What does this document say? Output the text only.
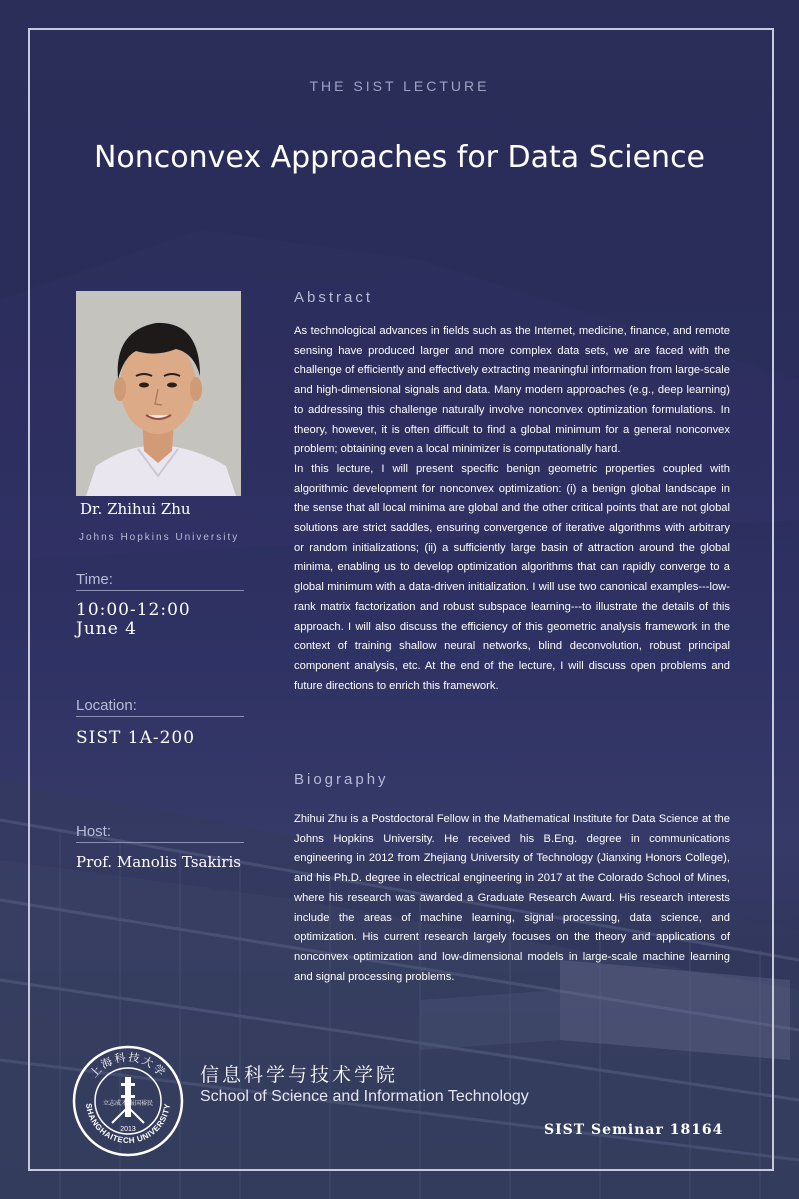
THE SIST LECTURE
Nonconvex Approaches for Data Science
Dr. Zhihui Zhu
Johns Hopkins University
Time:
10:00-12:00
June 4
Location:
SIST 1A-200
Host:
Prof. Manolis Tsakiris
Abstract

As technological advances in fields such as the Internet, medicine, finance, and remote sensing have produced larger and more complex data sets, we are faced with the challenge of efficiently and effectively extracting meaningful information from large-scale and high-dimensional signals and data. Many modern approaches (e.g., deep learning) to addressing this challenge naturally involve nonconvex optimization formulations. In theory, however, it is often difficult to find a global minimum for a general nonconvex problem; obtaining even a local minimizer is computationally hard.

In this lecture, I will present specific benign geometric properties coupled with algorithmic development for nonconvex optimization: (i) a benign global landscape in the sense that all local minima are global and the other critical points that are not global solutions are strict saddles, ensuring convergence of iterative algorithms with arbitrary or random initializations; (ii) a sufficiently large basin of attraction around the global minima, enabling us to develop optimization algorithms that can rapidly converge to a global minimum with a data-driven initialization. I will use two canonical examples---low-rank matrix factorization and robust subspace learning---to illustrate the details of this approach. I will also discuss the efficiency of this geometric analysis framework in the context of training shallow neural networks, blind deconvolution, robust principal component analysis, etc. At the end of the lecture, I will discuss open problems and future directions to enrich this framework.

Biography

Zhihui Zhu is a Postdoctoral Fellow in the Mathematical Institute for Data Science at the Johns Hopkins University. He received his B.Eng. degree in communications engineering in 2012 from Zhejiang University of Technology (Jianxing Honors College), and his Ph.D. degree in electrical engineering in 2017 at the Colorado School of Mines, where his research was awarded a Graduate Research Award. His research interests include the areas of machine learning, signal processing, data science, and optimization. His current research largely focuses on the theory and applications of nonconvex optimization and low-dimensional models in large-scale machine learning and signal processing problems.

上海科技大学
SHANGHAITECH UNIVERSITY
立志成才 报国裕民
2013
信息科学与技术学院
School of Science and Information Technology
SIST Seminar 18164
